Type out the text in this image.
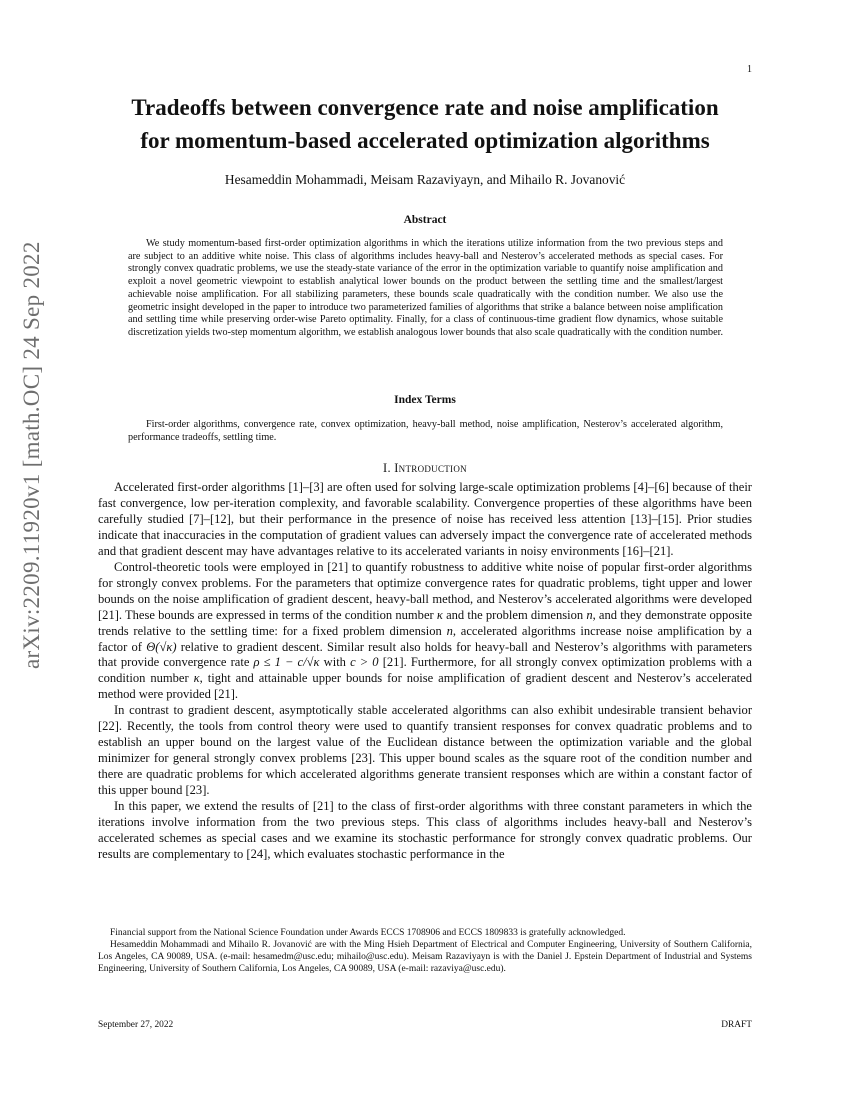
1
arXiv:2209.11920v1 [math.OC] 24 Sep 2022
Tradeoffs between convergence rate and noise amplification
for momentum-based accelerated optimization algorithms
Hesameddin Mohammadi, Meisam Razaviyayn, and Mihailo R. Jovanović
Abstract

We study momentum-based first-order optimization algorithms in which the iterations utilize information from the two previous steps and are subject to an additive white noise. This class of algorithms includes heavy-ball and Nesterov’s accelerated methods as special cases. For strongly convex quadratic problems, we use the steady-state variance of the error in the optimization variable to quantify noise amplification and exploit a novel geometric viewpoint to establish analytical lower bounds on the product between the settling time and the smallest/largest achievable noise amplification. For all stabilizing parameters, these bounds scale quadratically with the condition number. We also use the geometric insight developed in the paper to introduce two parameterized families of algorithms that strike a balance between noise amplification and settling time while preserving order-wise Pareto optimality. Finally, for a class of continuous-time gradient flow dynamics, whose suitable discretization yields two-step momentum algorithm, we establish analogous lower bounds that also scale quadratically with the condition number.

Index Terms

First-order algorithms, convergence rate, convex optimization, heavy-ball method, noise amplification, Nesterov’s accelerated algorithm, performance tradeoffs, settling time.

I. Introduction

Accelerated first-order algorithms [1]–[3] are often used for solving large-scale optimization problems [4]–[6] because of their fast convergence, low per-iteration complexity, and favorable scalability. Convergence properties of these algorithms have been carefully studied [7]–[12], but their performance in the presence of noise has received less attention [13]–[15]. Prior studies indicate that inaccuracies in the computation of gradient values can adversely impact the convergence rate of accelerated methods and that gradient descent may have advantages relative to its accelerated variants in noisy environments [16]–[21].

Control-theoretic tools were employed in [21] to quantify robustness to additive white noise of popular first-order algorithms for strongly convex problems. For the parameters that optimize convergence rates for quadratic problems, tight upper and lower bounds on the noise amplification of gradient descent, heavy-ball method, and Nesterov’s accelerated algorithms were developed [21]. These bounds are expressed in terms of the condition number κ and the problem dimension n, and they demonstrate opposite trends relative to the settling time: for a fixed problem dimension n, accelerated algorithms increase noise amplification by a factor of Θ(√κ) relative to gradient descent. Similar result also holds for heavy-ball and Nesterov’s algorithms with parameters that provide convergence rate ρ ≤ 1 − c/√κ with c > 0 [21]. Furthermore, for all strongly convex optimization problems with a condition number κ, tight and attainable upper bounds for noise amplification of gradient descent and Nesterov’s accelerated method were provided [21].

In contrast to gradient descent, asymptotically stable accelerated algorithms can also exhibit undesirable transient behavior [22]. Recently, the tools from control theory were used to quantify transient responses for convex quadratic problems and to establish an upper bound on the largest value of the Euclidean distance between the optimization variable and the global minimizer for general strongly convex problems [23]. This upper bound scales as the square root of the condition number and there are quadratic problems for which accelerated algorithms generate transient responses which are within a constant factor of this upper bound [23].

In this paper, we extend the results of [21] to the class of first-order algorithms with three constant parameters in which the iterations involve information from the two previous steps. This class of algorithms includes heavy-ball and Nesterov’s accelerated schemes as special cases and we examine its stochastic performance for strongly convex quadratic problems. Our results are complementary to [24], which evaluates stochastic performance in the

Financial support from the National Science Foundation under Awards ECCS 1708906 and ECCS 1809833 is gratefully acknowledged.

Hesameddin Mohammadi and Mihailo R. Jovanović are with the Ming Hsieh Department of Electrical and Computer Engineering, University of Southern California, Los Angeles, CA 90089, USA. (e-mail: hesamedm@usc.edu; mihailo@usc.edu). Meisam Razaviyayn is with the Daniel J. Epstein Department of Industrial and Systems Engineering, University of Southern California, Los Angeles, CA 90089, USA (e-mail: razaviya@usc.edu).

September 27, 2022	DRAFT
